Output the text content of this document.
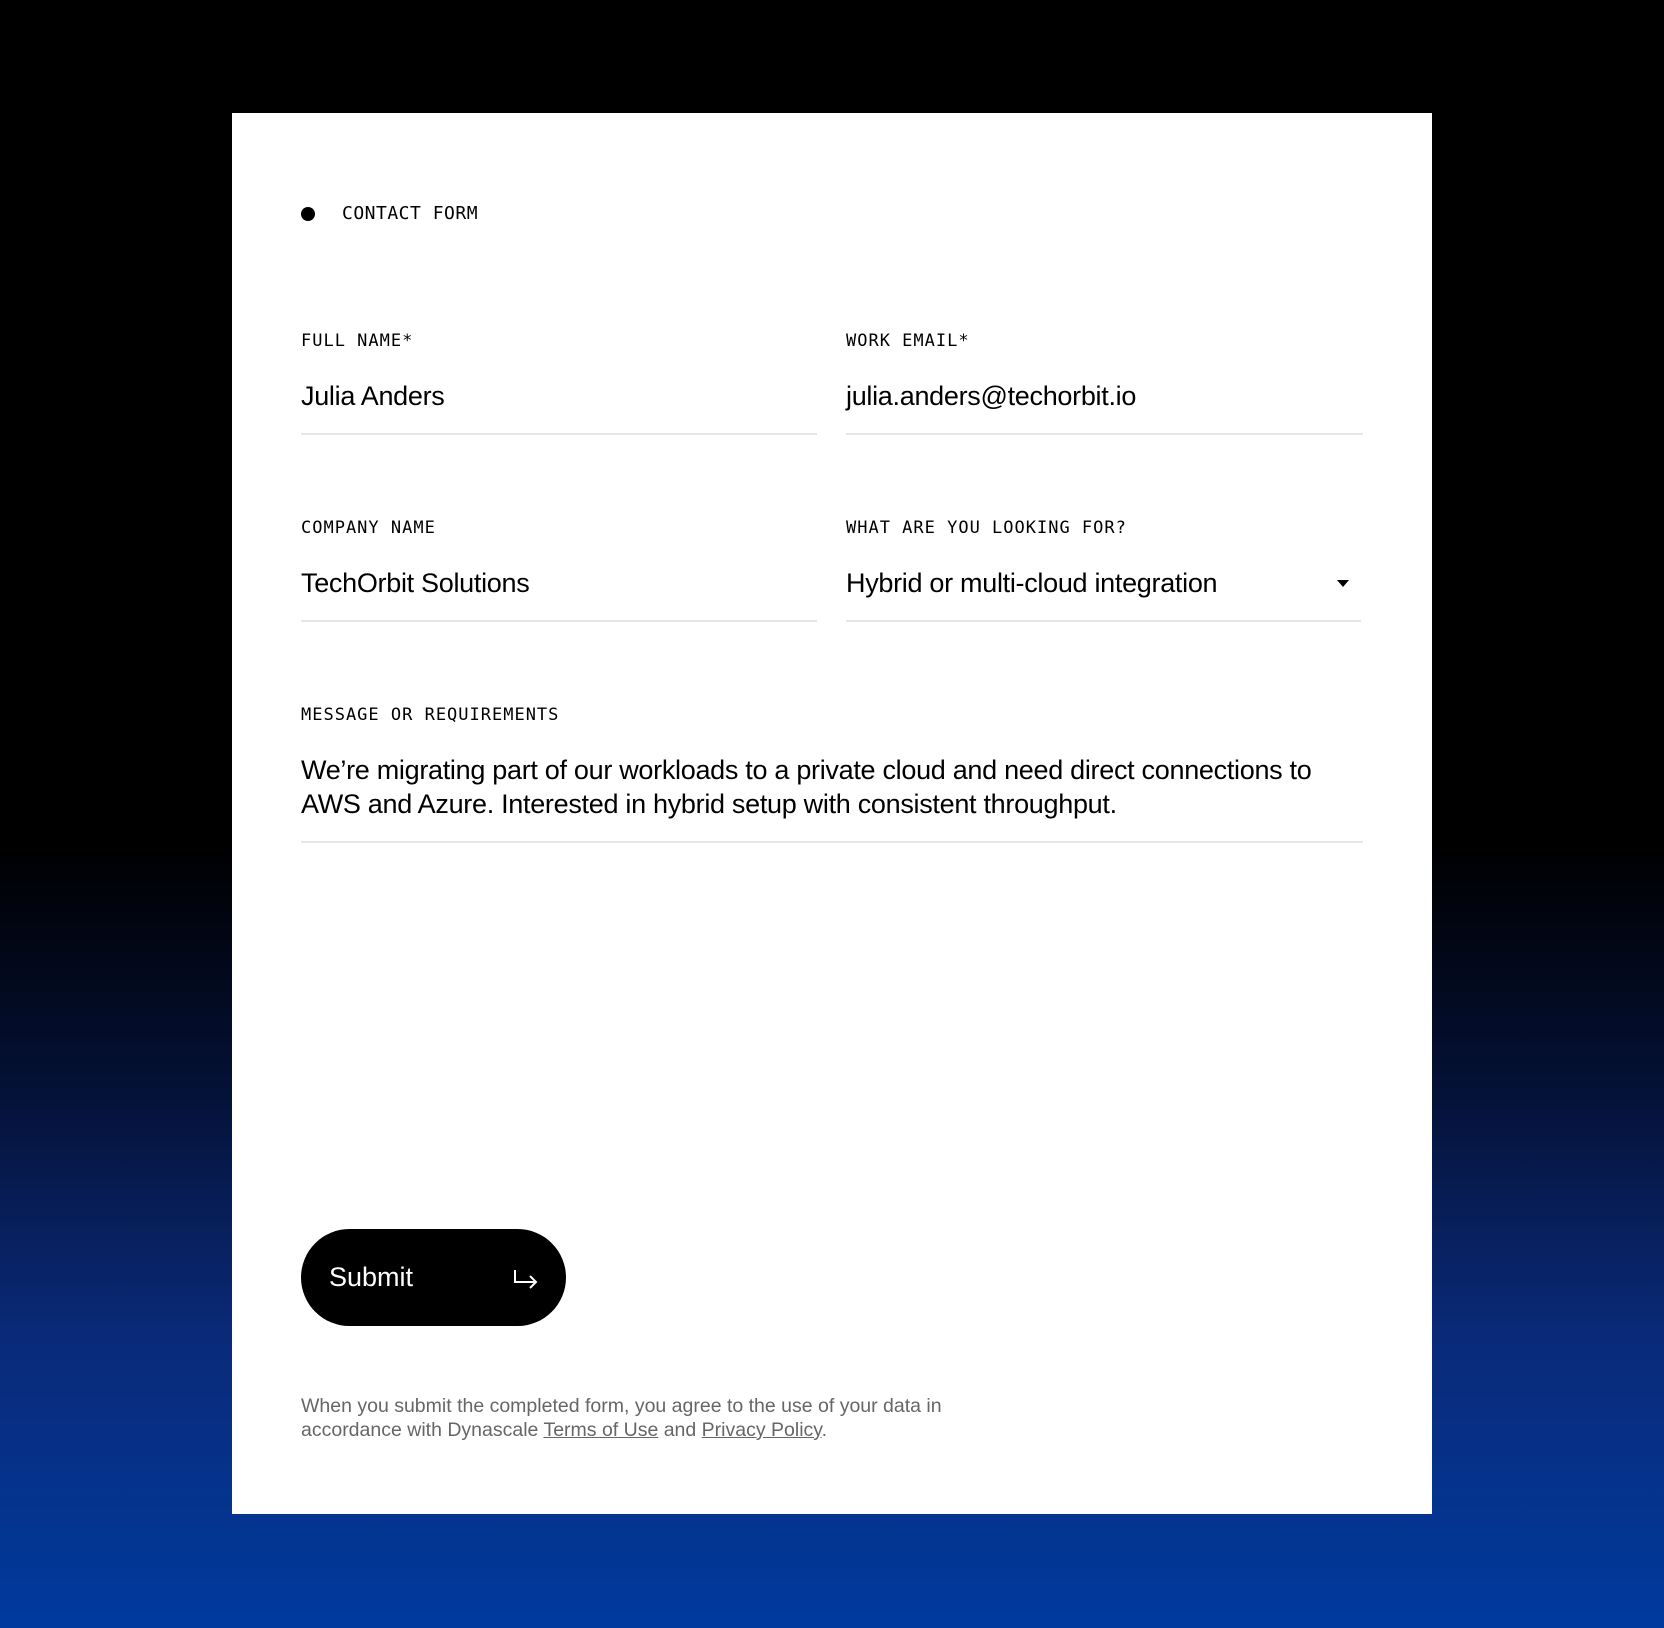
CONTACT FORM
FULL NAME*
Julia Anders
WORK EMAIL*
julia.anders@techorbit.io
COMPANY NAME
TechOrbit Solutions
WHAT ARE YOU LOOKING FOR?
Hybrid or multi-cloud integration
MESSAGE OR REQUIREMENTS
We’re migrating part of our workloads to a private cloud and need direct connections to AWS and Azure. Interested in hybrid setup with consistent throughput.
Submit
When you submit the completed form, you agree to the use of your data in accordance with Dynascale Terms of Use and Privacy Policy.
